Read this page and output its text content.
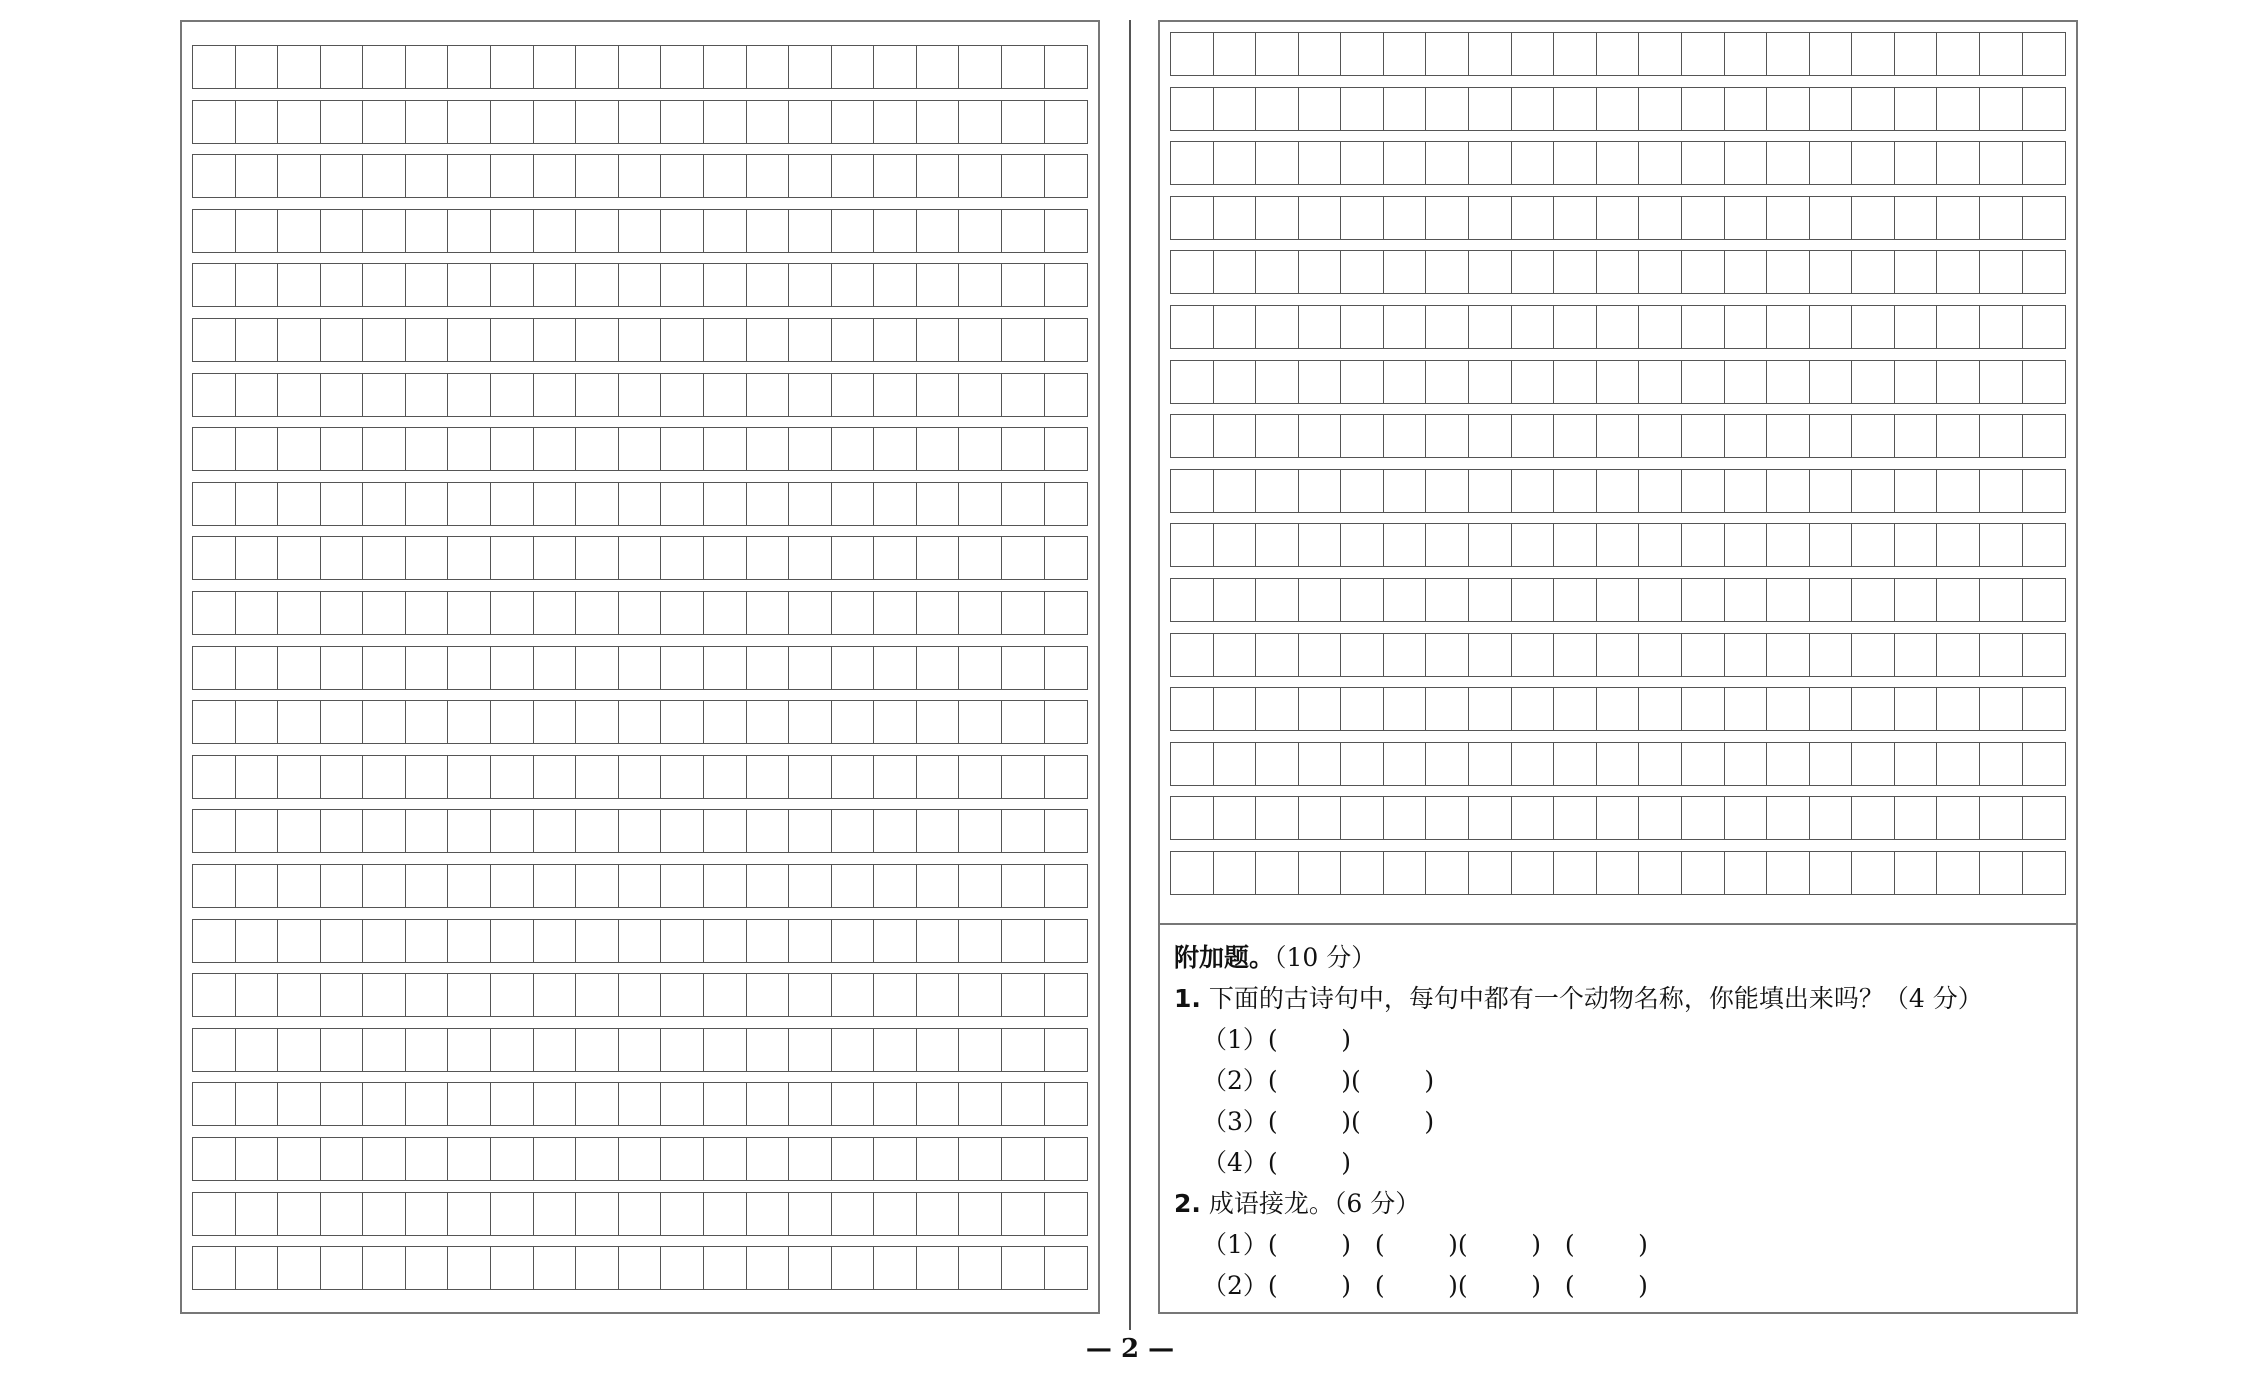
附加题。（10 分）
1. 下面的古诗句中，每句中都有一个动物名称，你能填出来吗？（4 分）
（1）(        )
（2）(        )(        )
（3）(        )(        )
（4）(        )
2. 成语接龙。（6 分）
（1）(        )   (        )(        )   (        )
（2）(        )   (        )(        )   (        )
— 2 —
